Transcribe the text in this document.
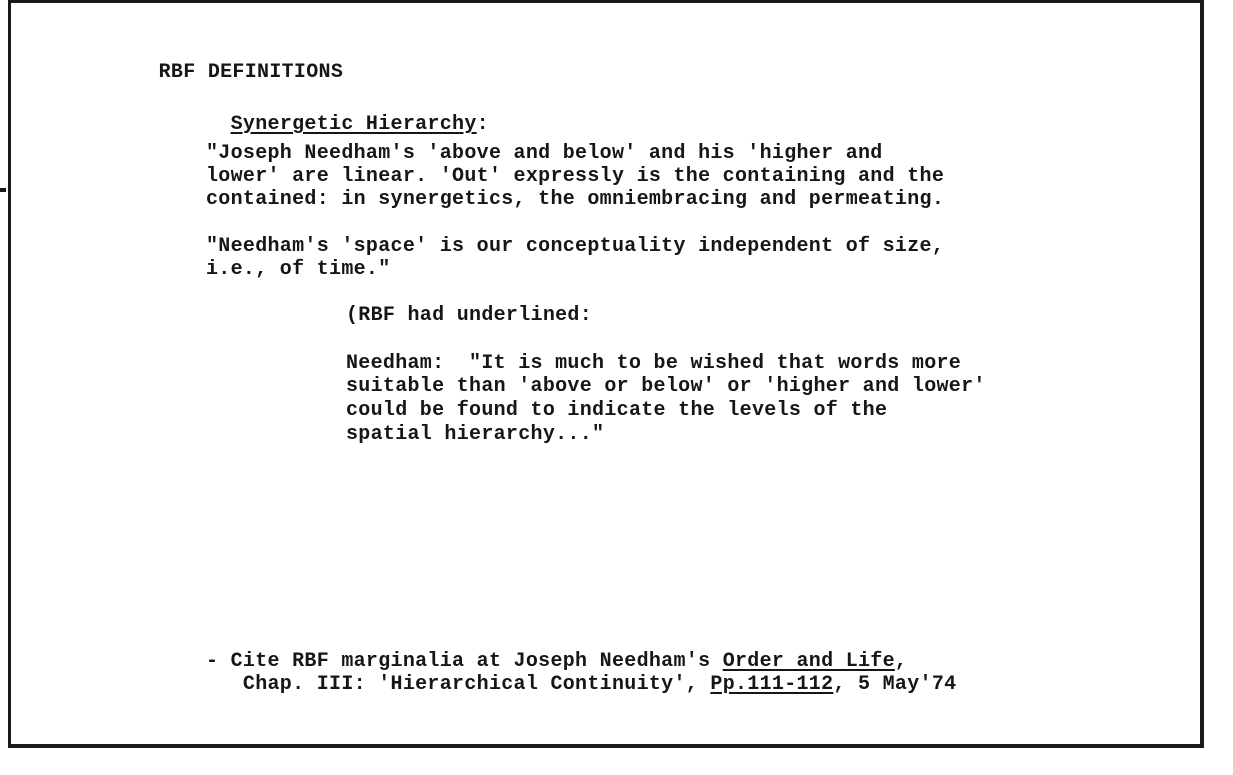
RBF DEFINITIONS

Synergetic Hierarchy:

"Joseph Needham's 'above and below' and his 'higher and
lower' are linear. 'Out' expressly is the containing and the
contained: in synergetics, the omniembracing and permeating.
"Needham's 'space' is our conceptuality independent of size,
i.e., of time."
(RBF had underlined:
Needham:  "It is much to be wished that words more
suitable than 'above or below' or 'higher and lower'
could be found to indicate the levels of the
spatial hierarchy..."
- Cite RBF marginalia at Joseph Needham's Order and Life,
Chap. III: 'Hierarchical Continuity', Pp.111-112, 5 May'74
